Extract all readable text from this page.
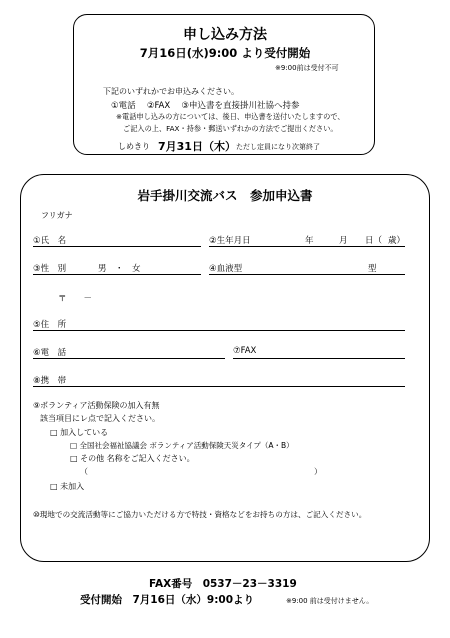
申し込み方法
7月16日(水)9:00 より受付開始
※9:00前は受付不可
下記のいずれかでお申込みください。
①電話 　②FAX 　③申込書を直接掛川社協へ持参
※電話申し込みの方については、後日、申込書を送付いたしますので、
ご記入の上、FAX・持参・郵送いずれかの方法でご提出ください。
しめきり 7月31日（木） ただし定員になり次第終了
岩手掛川交流バス　参加申込書
フリガナ
①氏　名	②生年月日	年	月 日（ 歳）
③性　別	男　・　女	④血液型	型
〒　　－
⑤住　所
⑥電　話	⑦FAX
⑧携　帯
⑨ボランティア活動保険の加入有無
該当項目にレ点で記入ください。
□ 加入している
□ 全国社会福祉協議会 ボランティア活動保険天災タイプ（A・B）
□ その他 名称をご記入ください。
（	）
□ 未加入
⑩現地での交流活動等にご協力いただける方で特技・資格などをお持ちの方は、ご記入ください。
FAX番号　0537－23－3319
受付開始　7月16日（水）9:00より	※9:00 前は受付けません。
